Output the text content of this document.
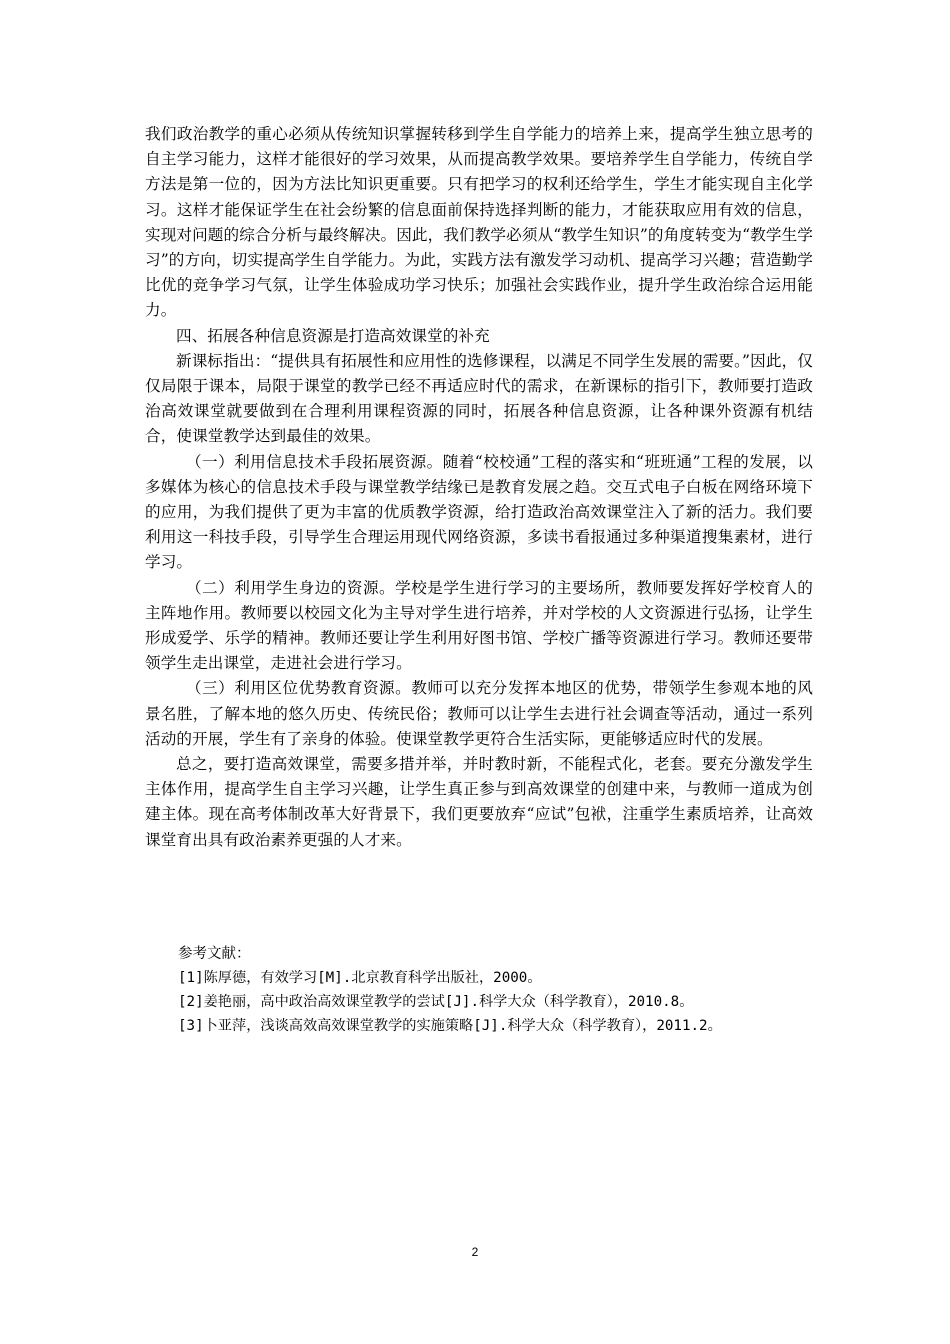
我们政治教学的重心必须从传统知识掌握转移到学生自学能力的培养上来，提高学生独立思考的自主学习能力，这样才能很好的学习效果，从而提高教学效果。要培养学生自学能力，传统自学方法是第一位的，因为方法比知识更重要。只有把学习的权利还给学生，学生才能实现自主化学习。这样才能保证学生在社会纷繁的信息面前保持选择判断的能力，才能获取应用有效的信息，实现对问题的综合分析与最终解决。因此，我们教学必须从“教学生知识”的角度转变为“教学生学习”的方向，切实提高学生自学能力。为此，实践方法有激发学习动机、提高学习兴趣；营造勤学比优的竞争学习气氛，让学生体验成功学习快乐；加强社会实践作业，提升学生政治综合运用能力。

四、拓展各种信息资源是打造高效课堂的补充

新课标指出：“提供具有拓展性和应用性的选修课程，以满足不同学生发展的需要。”因此，仅仅局限于课本，局限于课堂的教学已经不再适应时代的需求，在新课标的指引下，教师要打造政治高效课堂就要做到在合理利用课程资源的同时，拓展各种信息资源，让各种课外资源有机结合，使课堂教学达到最佳的效果。

（一）利用信息技术手段拓展资源。随着“校校通”工程的落实和“班班通”工程的发展，以多媒体为核心的信息技术手段与课堂教学结缘已是教育发展之趋。交互式电子白板在网络环境下的应用，为我们提供了更为丰富的优质教学资源，给打造政治高效课堂注入了新的活力。我们要利用这一科技手段，引导学生合理运用现代网络资源，多读书看报通过多种渠道搜集素材，进行学习。

（二）利用学生身边的资源。学校是学生进行学习的主要场所，教师要发挥好学校育人的主阵地作用。教师要以校园文化为主导对学生进行培养，并对学校的人文资源进行弘扬，让学生形成爱学、乐学的精神。教师还要让学生利用好图书馆、学校广播等资源进行学习。教师还要带领学生走出课堂，走进社会进行学习。

（三）利用区位优势教育资源。教师可以充分发挥本地区的优势，带领学生参观本地的风景名胜，了解本地的悠久历史、传统民俗；教师可以让学生去进行社会调查等活动，通过一系列活动的开展，学生有了亲身的体验。使课堂教学更符合生活实际，更能够适应时代的发展。

总之，要打造高效课堂，需要多措并举，并时教时新，不能程式化，老套。要充分激发学生主体作用，提高学生自主学习兴趣，让学生真正参与到高效课堂的创建中来，与教师一道成为创建主体。现在高考体制改革大好背景下，我们更要放弃“应试”包袱，注重学生素质培养，让高效课堂育出具有政治素养更强的人才来。

参考文献：

[1]陈厚德，有效学习[M].北京教育科学出版社，2000。

[2]姜艳丽，高中政治高效课堂教学的尝试[J].科学大众（科学教育），2010.8。

[3]卜亚萍，浅谈高效高效课堂教学的实施策略[J].科学大众（科学教育），2011.2。

2
